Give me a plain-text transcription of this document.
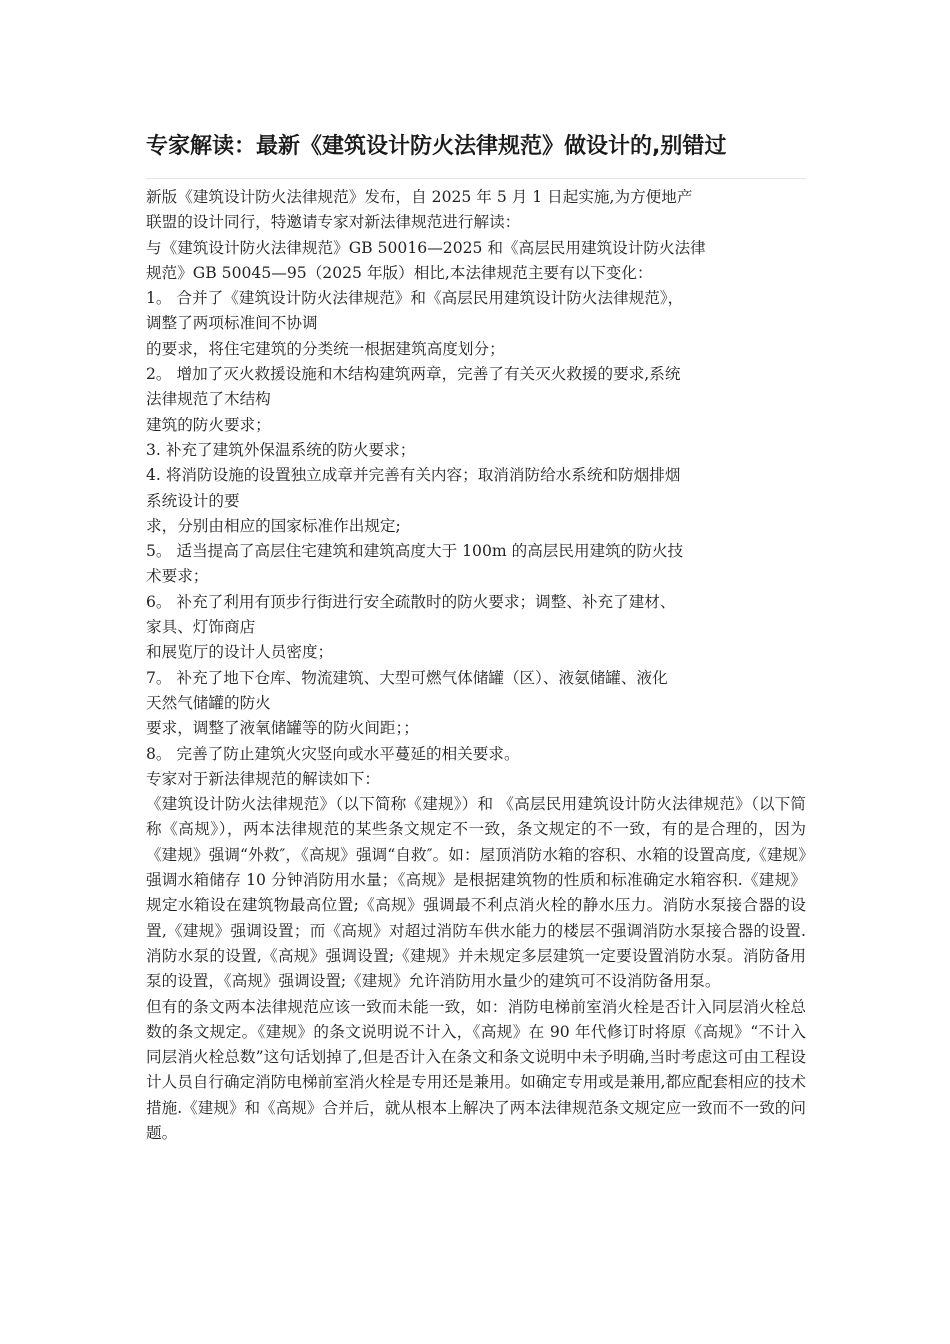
专家解读：最新《建筑设计防火法律规范》做设计的,别错过

新版《建筑设计防火法律规范》发布，自 2025 年 5 月 1 日起实施,为方便地产

联盟的设计同行，特邀请专家对新法律规范进行解读：

与《建筑设计防火法律规范》GB 50016—2025 和《高层民用建筑设计防火法律

规范》GB 50045—95（2025 年版）相比,本法律规范主要有以下变化：

1。 合并了《建筑设计防火法律规范》和《高层民用建筑设计防火法律规范》，

调整了两项标准间不协调

的要求，将住宅建筑的分类统一根据建筑高度划分；

2。 增加了灭火救援设施和木结构建筑两章，完善了有关灭火救援的要求,系统

法律规范了木结构

建筑的防火要求；

3. 补充了建筑外保温系统的防火要求；

4. 将消防设施的设置独立成章并完善有关内容；取消消防给水系统和防烟排烟

系统设计的要

求，分别由相应的国家标准作出规定;

5。 适当提高了高层住宅建筑和建筑高度大于 100m 的高层民用建筑的防火技

术要求；

6。 补充了利用有顶步行街进行安全疏散时的防火要求；调整、补充了建材、

家具、灯饰商店

和展览厅的设计人员密度；

7。 补充了地下仓库、物流建筑、大型可燃气体储罐（区）、液氨储罐、液化

天然气储罐的防火

要求，调整了液氧储罐等的防火间距；；

8。 完善了防止建筑火灾竖向或水平蔓延的相关要求。

专家对于新法律规范的解读如下：

《建筑设计防火法律规范》（以下简称《建规》）和 《高层民用建筑设计防火法律规范》（以下简称《高规》），两本法律规范的某些条文规定不一致，条文规定的不一致，有的是合理的，因为《建规》强调“外救″，《高规》强调“自救″。如：屋顶消防水箱的容积、水箱的设置高度,《建规》强调水箱储存 10 分钟消防用水量；《高规》是根据建筑物的性质和标准确定水箱容积.《建规》规定水箱设在建筑物最高位置;《高规》强调最不利点消火栓的静水压力。消防水泵接合器的设置,《建规》强调设置；而《高规》对超过消防车供水能力的楼层不强调消防水泵接合器的设置.消防水泵的设置,《高规》强调设置;《建规》并未规定多层建筑一定要设置消防水泵。消防备用泵的设置，《高规》强调设置;《建规》允许消防用水量少的建筑可不设消防备用泵。

但有的条文两本法律规范应该一致而未能一致，如：消防电梯前室消火栓是否计入同层消火栓总数的条文规定。《建规》的条文说明说不计入，《高规》在 90 年代修订时将原《高规》“不计入同层消火栓总数”这句话划掉了,但是否计入在条文和条文说明中未予明确,当时考虑这可由工程设计人员自行确定消防电梯前室消火栓是专用还是兼用。如确定专用或是兼用,都应配套相应的技术措施.《建规》和《高规》合并后，就从根本上解决了两本法律规范条文规定应一致而不一致的问题。
